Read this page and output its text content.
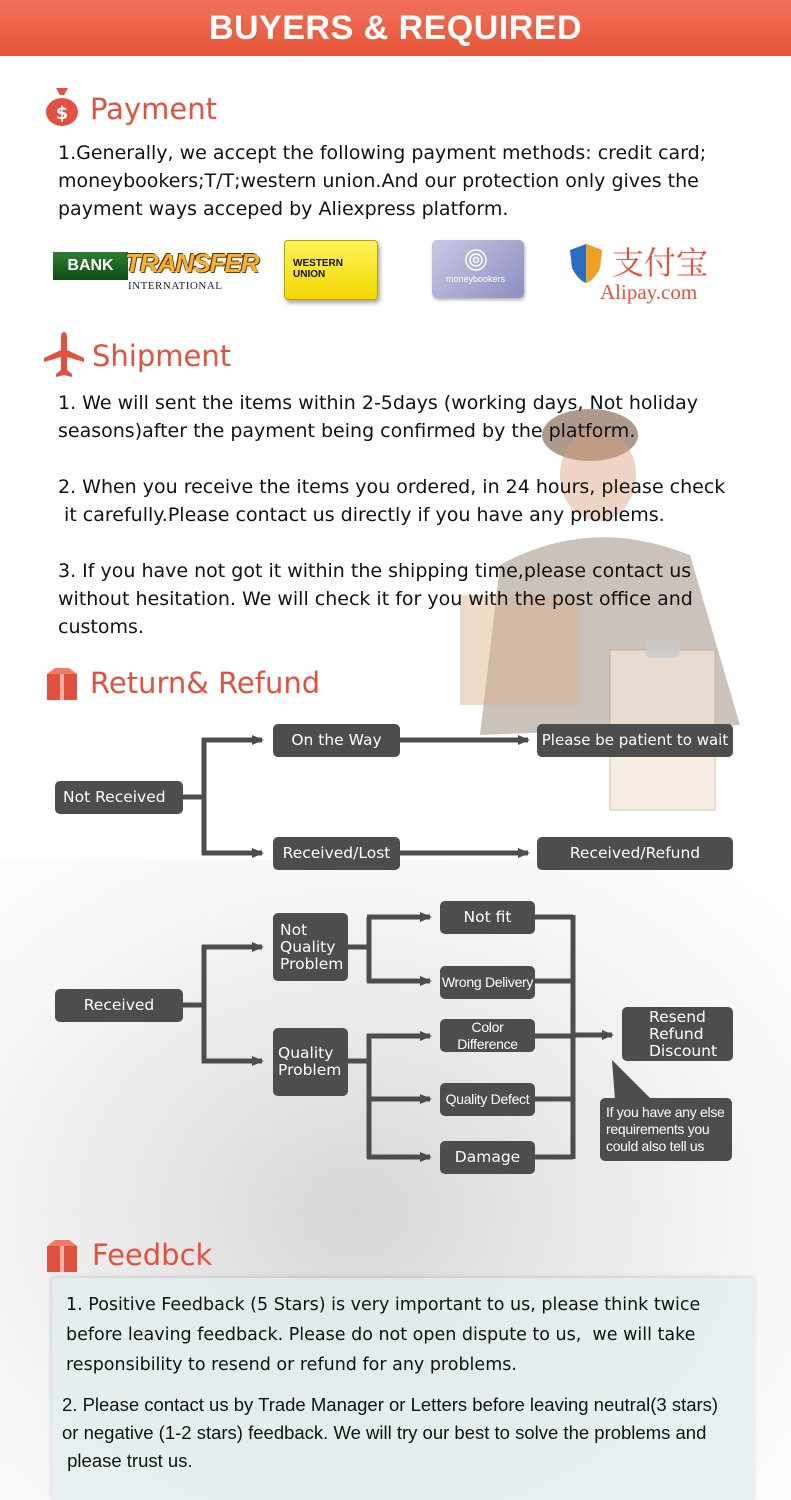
BUYERS & REQUIRED
$ Payment

1.Generally, we accept the following payment methods: credit card;

moneybookers;T/T;western union.And our protection only gives the

payment ways acceped by Aliexpress platform.

BANK TRANSFER
INTERNATIONAL
WESTERN
UNION	moneybookers	支付宝
Alipay.com
Shipment

1. We will sent the items within 2-5days (working days, Not holiday

seasons)after the payment being confirmed by the platform.

2. When you receive the items you ordered, in 24 hours, please check

it carefully.Please contact us directly if you have any problems.

3. If you have not got it within the shipping time,please contact us

without hesitation. We will check it for you with the post office and

customs.

Return& Refund
Not Received
On the Way	Please be patient to wait
Received/Lost	Received/Refund
Received
Not
Quality
Problem
Quality
Problem
Not fit
Wrong Delivery
Color Difference
Quality Defect
Damage
Resend
Refund
Discount
If you have any else
requirements you
could also tell us
Feedbck

1. Positive Feedback (5 Stars) is very important to us, please think twice

before leaving feedback. Please do not open dispute to us,  we will take

responsibility to resend or refund for any problems.

2. Please contact us by Trade Manager or Letters before leaving neutral(3 stars)

or negative (1-2 stars) feedback. We will try our best to solve the problems and

please trust us.
